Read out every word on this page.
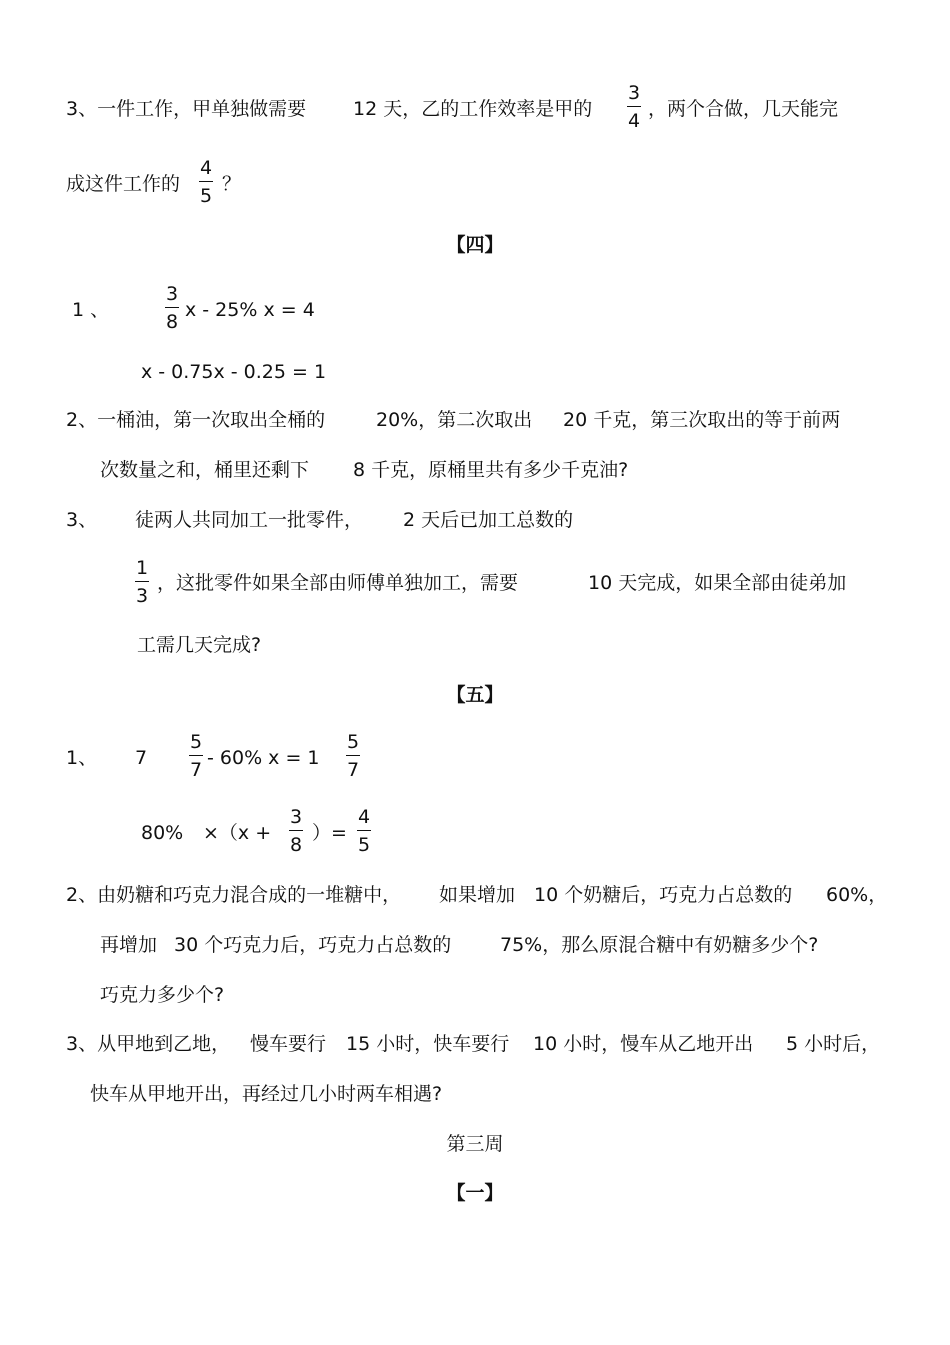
3、一件工作，甲单独做需要 12 天，乙的工作效率是甲的
3
4
，两个合做，几天能完
成这件工作的
4
5
？
【四】
1 、
3
8
x - 25% x = 4
x - 0.75x - 0.25 = 1
2、一桶油，第一次取出全桶的	20%，第二次取出 20 千克，第三次取出的等于前两
次数量之和，桶里还剩下 8 千克，原桶里共有多少千克油?
3、 徒两人共同加工一批零件， 2 天后已加工总数的
1
3
，这批零件如果全部由师傅单独加工，需要	10 天完成，如果全部由徒弟加
工需几天完成?
【五】
1、 7
5
7
- 60% x = 1
5
7
80% ×（x +
3
8
）=
4
5
2、由奶糖和巧克力混合成的一堆糖中， 如果增加 10 个奶糖后，巧克力占总数的 60%，
再增加 30 个巧克力后，巧克力占总数的	75%，那么原混合糖中有奶糖多少个?
巧克力多少个?
3、从甲地到乙地， 慢车要行 15 小时，快车要行 10 小时，慢车从乙地开出 5 小时后，
快车从甲地开出，再经过几小时两车相遇?
第三周
【一】
